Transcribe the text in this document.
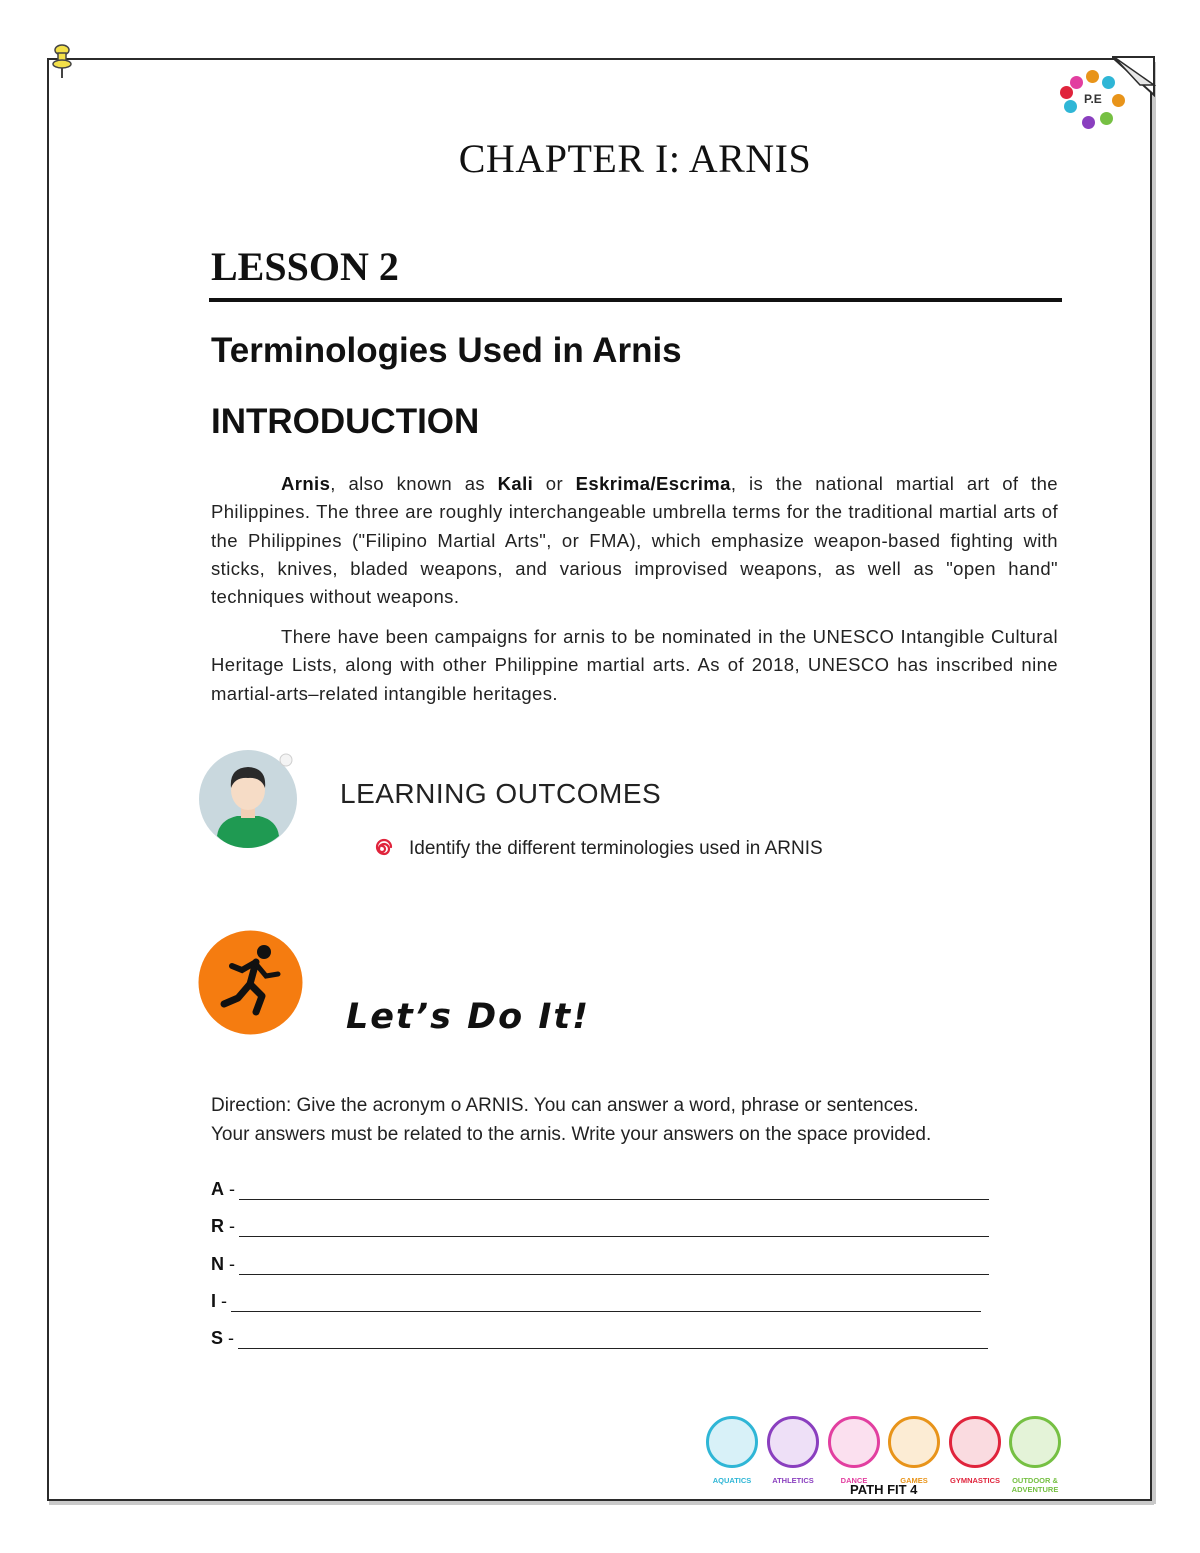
P.E
CHAPTER I: ARNIS
LESSON 2
Terminologies Used in Arnis
INTRODUCTION
Arnis, also known as Kali or Eskrima/Escrima, is the national martial art of the Philippines. The three are roughly interchangeable umbrella terms for the traditional martial arts of the Philippines ("Filipino Martial Arts", or FMA), which emphasize weapon-based fighting with sticks, knives, bladed weapons, and various improvised weapons, as well as "open hand" techniques without weapons.
There have been campaigns for arnis to be nominated in the UNESCO Intangible Cultural Heritage Lists, along with other Philippine martial arts. As of 2018, UNESCO has inscribed nine martial-arts–related intangible heritages.
LEARNING OUTCOMES
Identify the different terminologies used in ARNIS
Let’s Do It!
Direction: Give the acronym o ARNIS. You can answer a word, phrase or sentences.
Your answers must be related to the arnis. Write your answers on the space provided.
A -
R -
N -
I -
S -
AQUATICS	ATHLETICS	DANCE	GAMES	GYMNASTICS	OUTDOOR & ADVENTURE
PATH FIT 4
